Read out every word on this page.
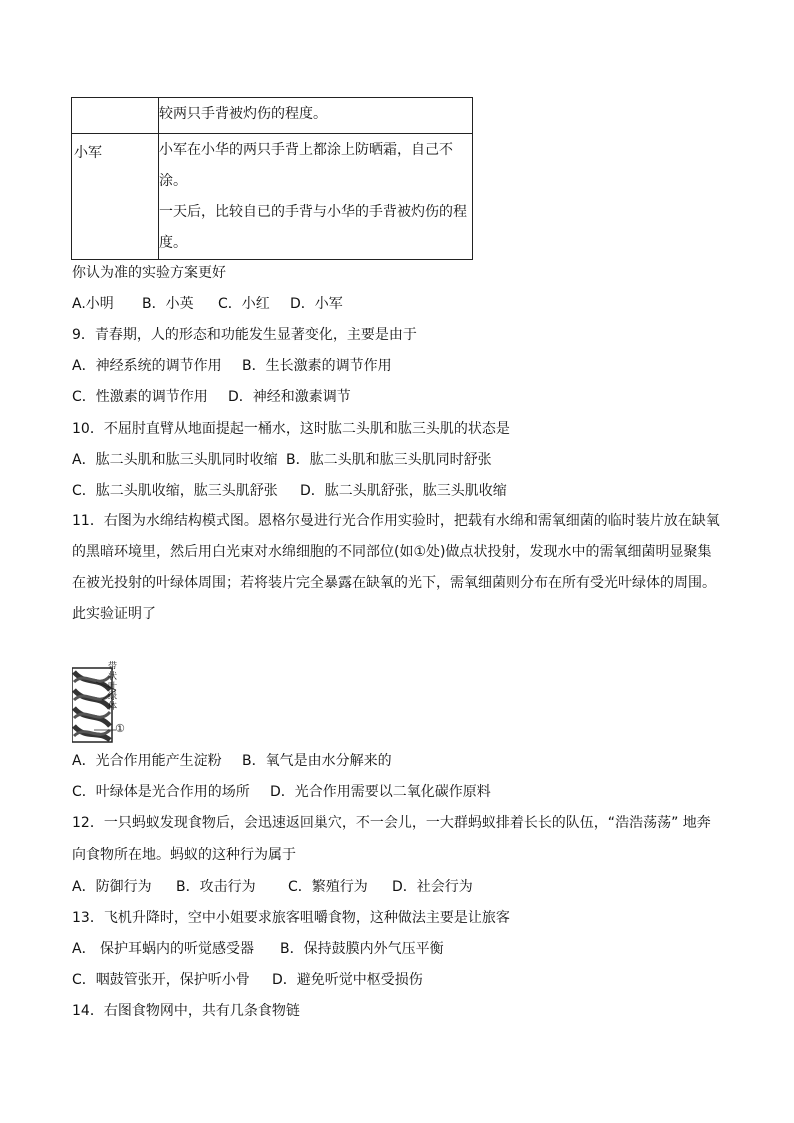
	较两只手背被灼伤的程度。

小军	小军在小华的两只手背上都涂上防晒霜，自己不涂。
一天后，比较自已的手背与小华的手背被灼伤的程
度。
你认为准的实验方案更好
A.小明 B．小英 C．小红 D．小军
9．青春期，人的形态和功能发生显著变化，主要是由于
A．神经系统的调节作用 B．生长激素的调节作用
C．性激素的调节作用 D．神经和激素调节
10．不屈肘直臂从地面提起一桶水，这时肱二头肌和肱三头肌的状态是
A．肱二头肌和肱三头肌同时收缩 B．肱二头肌和肱三头肌同时舒张
C．肱二头肌收缩，肱三头肌舒张 D．肱二头肌舒张，肱三头肌收缩
11．右图为水绵结构模式图。恩格尔曼进行光合作用实验时，把载有水绵和需氧细菌的临时装片放在缺氧
的黑暗环境里，然后用白光束对水绵细胞的不同部位(如①处)做点状投射，发现水中的需氧细菌明显聚集
在被光投射的叶绿体周围；若将装片完全暴露在缺氧的光下，需氧细菌则分布在所有受光叶绿体的周围。
此实验证明了
带状叶绿体
①
A．光合作用能产生淀粉 B．氧气是由水分解来的
C．叶绿体是光合作用的场所 D．光合作用需要以二氧化碳作原料
12．一只蚂蚁发现食物后，会迅速返回巢穴，不一会儿，一大群蚂蚁排着长长的队伍，“浩浩荡荡” 地奔
向食物所在地。蚂蚁的这种行为属于
A．防御行为 B．攻击行为 C．繁殖行为 D．社会行为
13．飞机升降时，空中小姐要求旅客咀嚼食物，这种做法主要是让旅客
A． 保护耳蜗内的听觉感受器 B．保持鼓膜内外气压平衡
C．咽鼓管张开，保护听小骨 D．避免听觉中枢受损伤
14．右图食物网中，共有几条食物链
